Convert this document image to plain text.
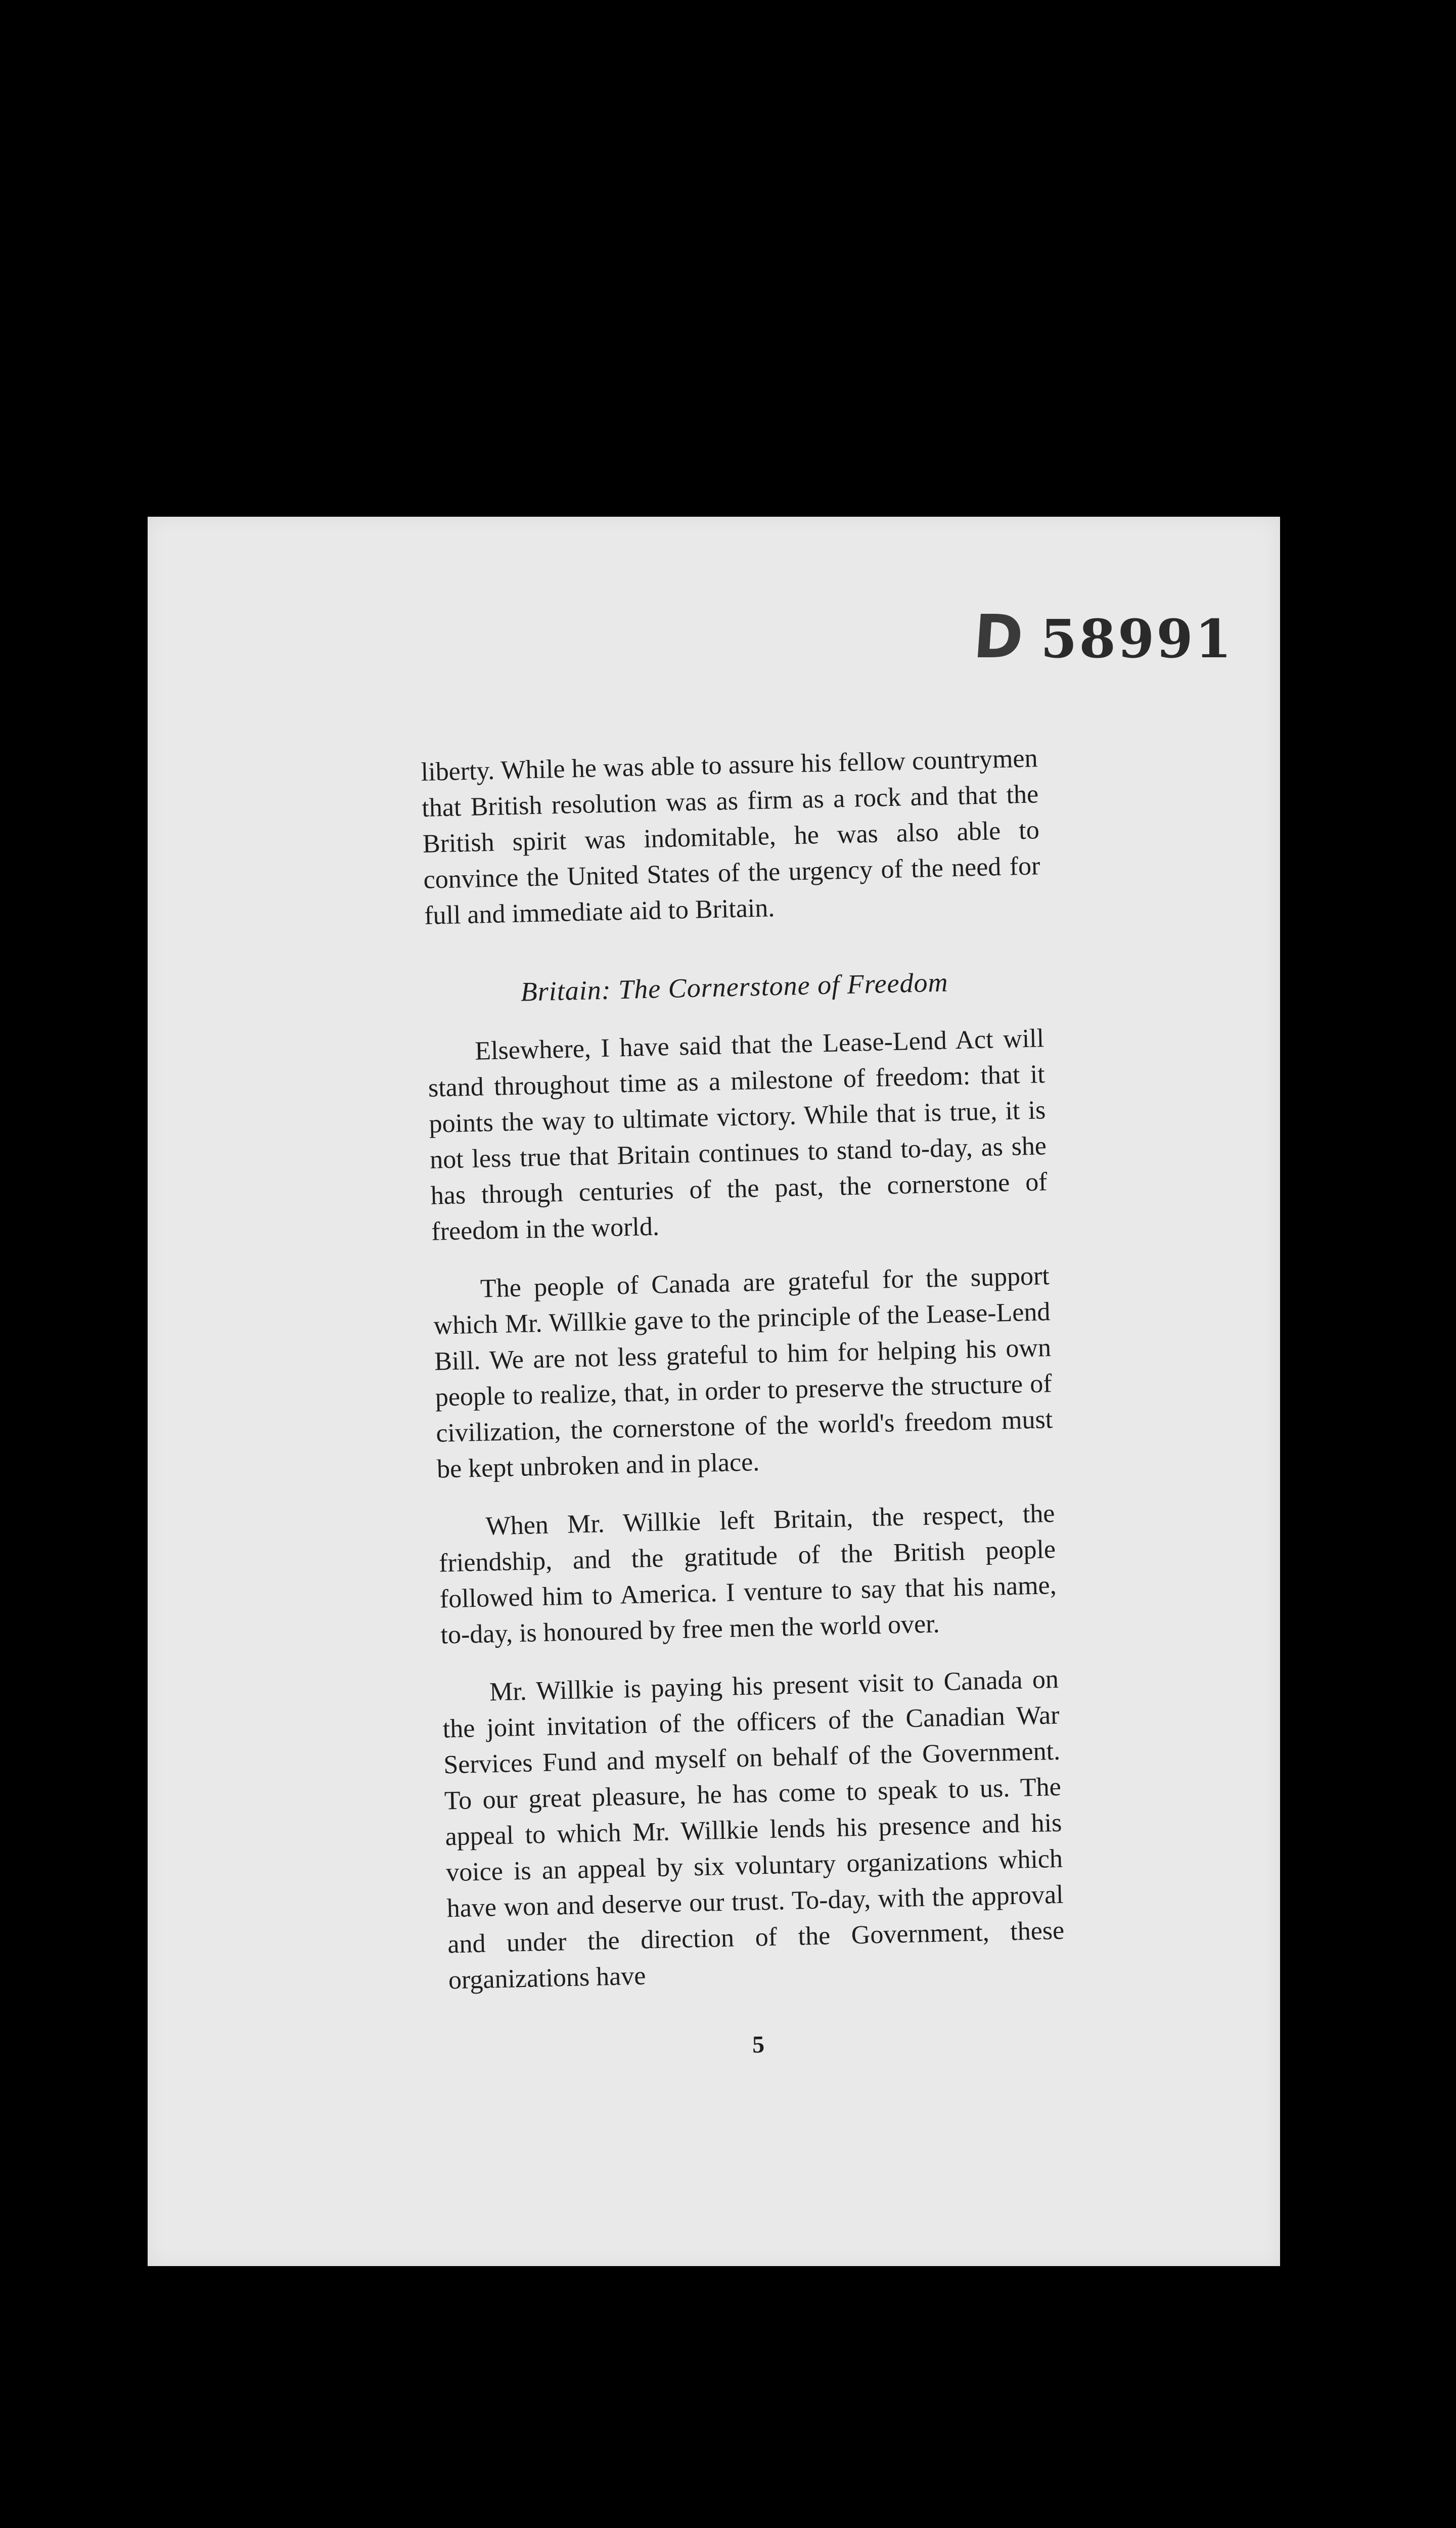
D 58991

liberty. While he was able to assure his fellow countrymen that British resolution was as firm as a rock and that the British spirit was indomitable, he was also able to convince the United States of the urgency of the need for full and immediate aid to Britain.

Britain: The Cornerstone of Freedom

Elsewhere, I have said that the Lease-Lend Act will stand throughout time as a milestone of freedom: that it points the way to ultimate victory. While that is true, it is not less true that Britain continues to stand to-day, as she has through centuries of the past, the cornerstone of freedom in the world.

The people of Canada are grateful for the support which Mr. Willkie gave to the principle of the Lease-Lend Bill. We are not less grateful to him for helping his own people to realize, that, in order to preserve the structure of civilization, the cornerstone of the world's freedom must be kept unbroken and in place.

When Mr. Willkie left Britain, the respect, the friendship, and the gratitude of the British people followed him to America. I venture to say that his name, to-day, is honoured by free men the world over.

Mr. Willkie is paying his present visit to Canada on the joint invitation of the officers of the Canadian War Services Fund and myself on behalf of the Government. To our great pleasure, he has come to speak to us. The appeal to which Mr. Willkie lends his presence and his voice is an appeal by six voluntary organizations which have won and deserve our trust. To-day, with the approval and under the direction of the Government, these organizations have

5
